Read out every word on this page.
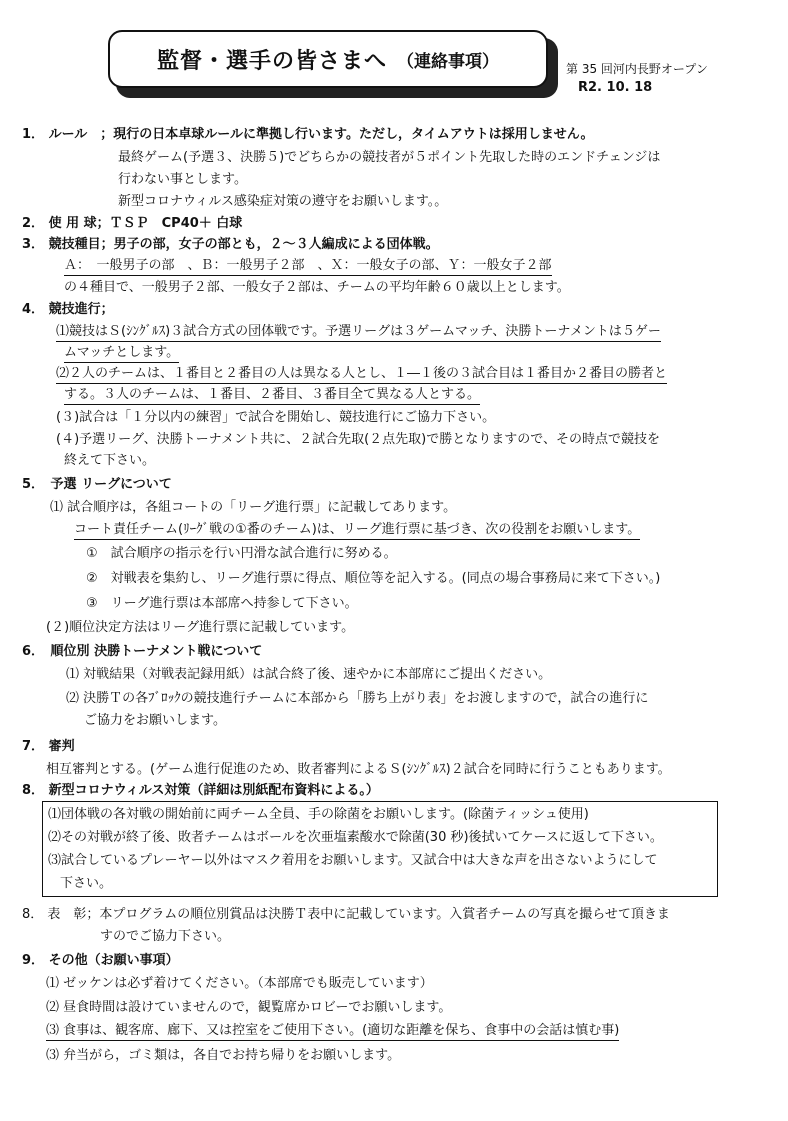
監督・選手の皆さまへ （連絡事項）	第 35 回河内長野オープン
R2. 10. 18
1． ルール　；現行の日本卓球ルールに準拠し行います。ただし，タイムアウトは採用しません。
最終ゲーム(予選３、決勝５)でどちらかの競技者が５ポイント先取した時のエンドチェンジは
行わない事とします。
新型コロナウィルス感染症対策の遵守をお願いします。。
2． 使 用 球；ＴＳＰ　CP40＋ 白球
3． 競技種目；男子の部，女子の部とも，２～３人編成による団体戦。
Ａ：　一般男子の部　、Ｂ：一般男子２部　、Ｘ：一般女子の部、Ｙ：一般女子２部
の４種目で、一般男子２部、一般女子２部は、チームの平均年齢６０歳以上とします。
4． 競技進行；
⑴競技はＳ(ｼﾝｸﾞﾙｽ)３試合方式の団体戦です。予選リーグは３ゲームマッチ、決勝トーナメントは５ゲー
ムマッチとします。
⑵２人のチームは、１番目と２番目の人は異なる人とし、１―１後の３試合目は１番目か２番目の勝者と
する。３人のチームは、１番目、２番目、３番目全て異なる人とする。
(３)試合は「１分以内の練習」で試合を開始し、競技進行にご協力下さい。
(４)予選リーグ、決勝トーナメント共に、２試合先取(２点先取)で勝となりますので、その時点で競技を
終えて下さい。
5．　予選 リーグについて
⑴ 試合順序は，各組コートの「リーグ進行票」に記載してあります。
コート責任チーム(ﾘｰｸﾞ戦の①番のチーム)は、リーグ進行票に基づき、次の役割をお願いします。
①　試合順序の指示を行い円滑な試合進行に努める。
②　対戦表を集約し、リーグ進行票に得点、順位等を記入する。(同点の場合事務局に来て下さい。)
③　リーグ進行票は本部席へ持参して下さい。
(２)順位決定方法はリーグ進行票に記載しています。
6．　順位別 決勝トーナメント戦について
⑴ 対戦結果（対戦表記録用紙）は試合終了後、速やかに本部席にご提出ください。
⑵ 決勝Ｔの各ﾌﾞﾛｯｸの競技進行チームに本部から「勝ち上がり表」をお渡しますので，試合の進行に
ご協力をお願いします。
7． 審判
相互審判とする。(ゲーム進行促進のため、敗者審判によるＳ(ｼﾝｸﾞﾙｽ)２試合を同時に行うこともあります。
8． 新型コロナウィルス対策（詳細は別紙配布資料による。）
⑴団体戦の各対戦の開始前に両チーム全員、手の除菌をお願いします。(除菌ティッシュ使用)
⑵その対戦が終了後、敗者チームはボールを次亜塩素酸水で除菌(30 秒)後拭いてケースに返して下さい。
⑶試合しているプレーヤー以外はマスク着用をお願いします。又試合中は大きな声を出さないようにして
下さい。
8． 表　彰；本プログラムの順位別賞品は決勝Ｔ表中に記載しています。入賞者チームの写真を撮らせて頂きま
すのでご協力下さい。
9． その他（お願い事項）
⑴ ゼッケンは必ず着けてください。（本部席でも販売しています）
⑵ 昼食時間は設けていませんので，観覧席かロビーでお願いします。
⑶ 食事は、観客席、廊下、又は控室をご使用下さい。(適切な距離を保ち、食事中の会話は慎む事)
⑶ 弁当がら，ゴミ類は，各自でお持ち帰りをお願いします。
